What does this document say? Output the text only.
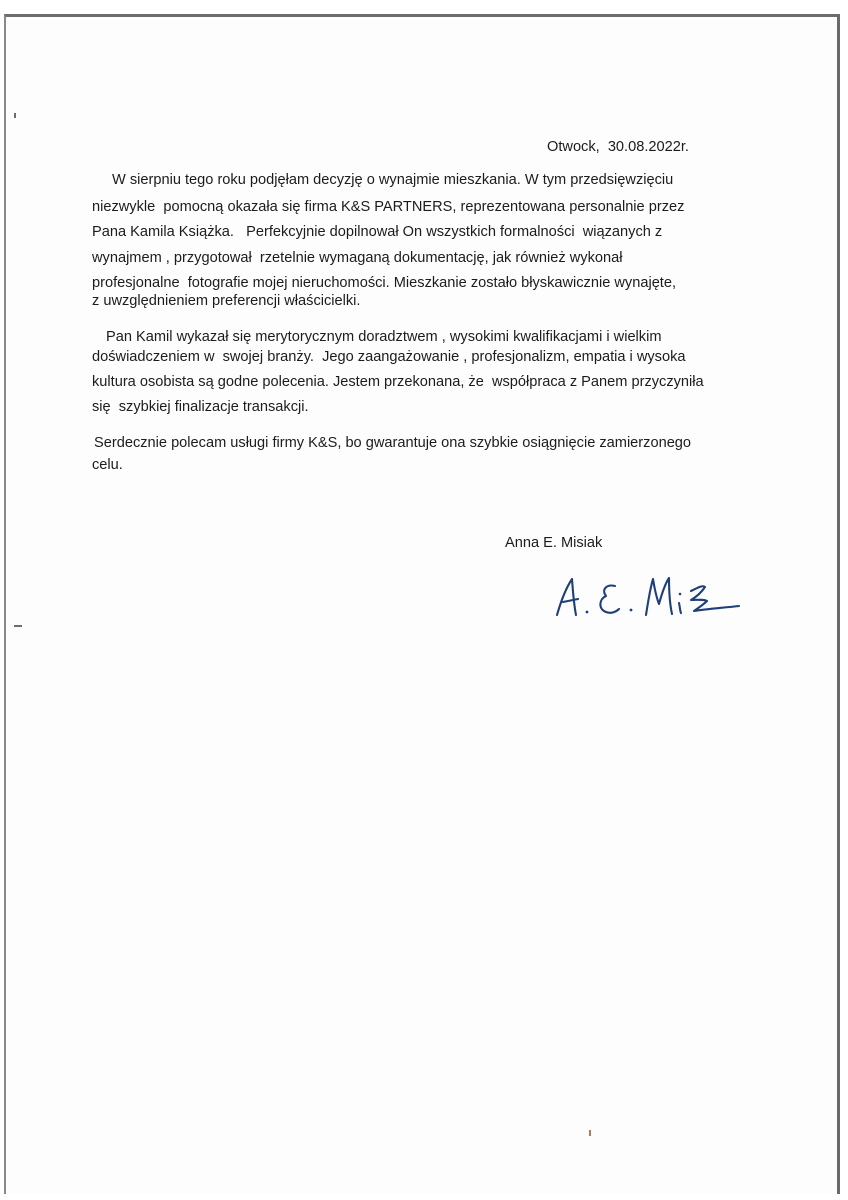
Otwock,  30.08.2022r.
W sierpniu tego roku podjęłam decyzję o wynajmie mieszkania. W tym przedsięwzięciu
niezwykle  pomocną okazała się firma K&S PARTNERS, reprezentowana personalnie przez
Pana Kamila Książka.   Perfekcyjnie dopilnował On wszystkich formalności  wiązanych z
wynajmem , przygotował  rzetelnie wymaganą dokumentację, jak również wykonał
profesjonalne  fotografie mojej nieruchomości. Mieszkanie zostało błyskawicznie wynajęte,
z uwzględnieniem preferencji właścicielki.
Pan Kamil wykazał się merytorycznym doradztwem , wysokimi kwalifikacjami i wielkim
doświadczeniem w  swojej branży.  Jego zaangażowanie , profesjonalizm, empatia i wysoka
kultura osobista są godne polecenia. Jestem przekonana, że  współpraca z Panem przyczyniła
się  szybkiej finalizacje transakcji.
Serdecznie polecam usługi firmy K&S, bo gwarantuje ona szybkie osiągnięcie zamierzonego
celu.
Anna E. Misiak
